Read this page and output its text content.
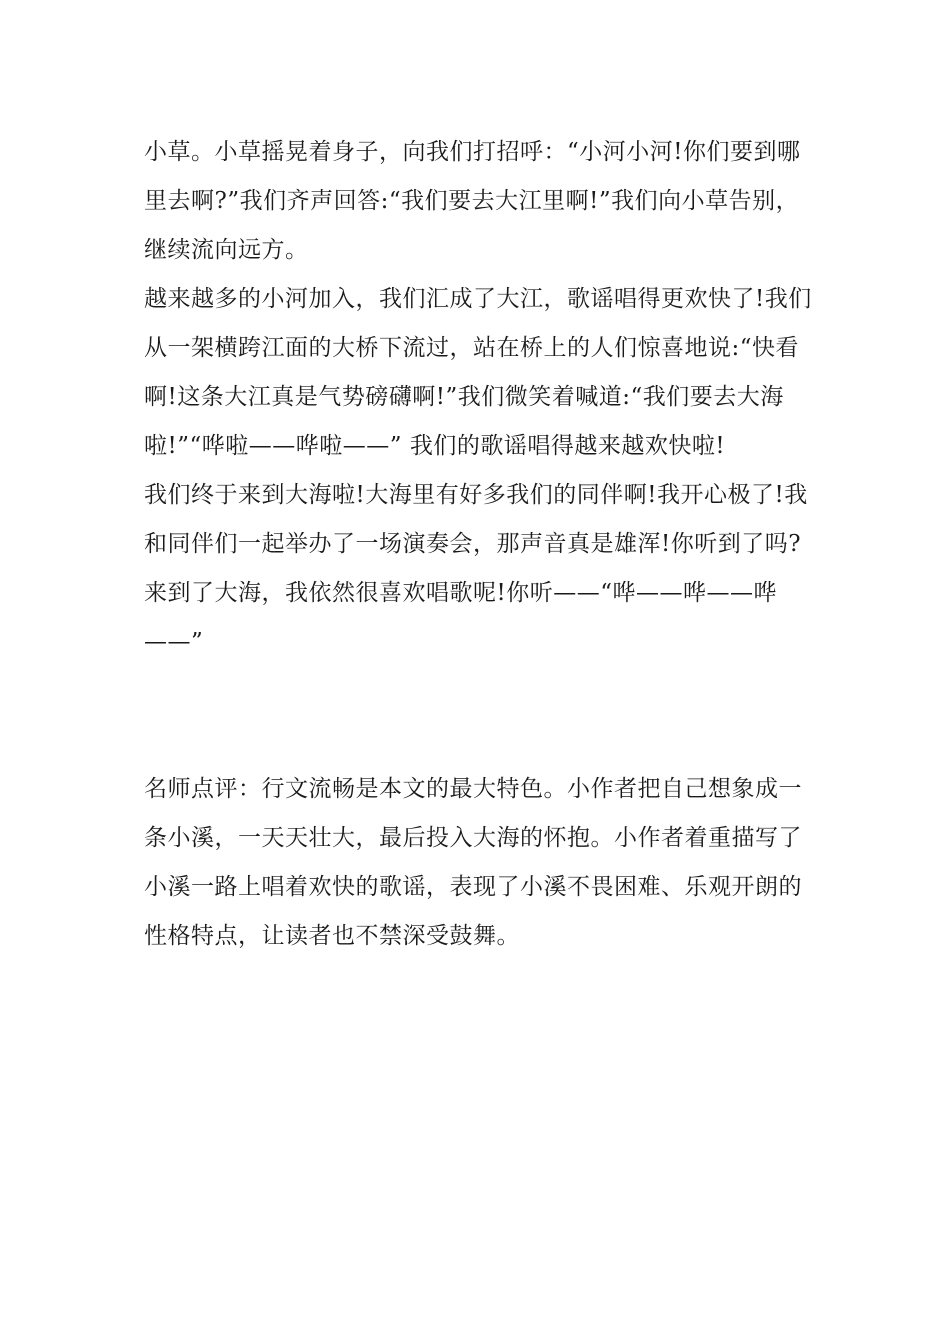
小草。小草摇晃着身子，向我们打招呼：“小河小河!你们要到哪里去啊?”我们齐声回答:“我们要去大江里啊!”我们向小草告别，继续流向远方。

越来越多的小河加入，我们汇成了大江，歌谣唱得更欢快了!我们从一架横跨江面的大桥下流过，站在桥上的人们惊喜地说:“快看啊!这条大江真是气势磅礴啊!”我们微笑着喊道:“我们要去大海啦!”“哗啦——哗啦——” 我们的歌谣唱得越来越欢快啦!

我们终于来到大海啦!大海里有好多我们的同伴啊!我开心极了!我和同伴们一起举办了一场演奏会，那声音真是雄浑!你听到了吗?

来到了大海，我依然很喜欢唱歌呢!你听——“哗——哗——哗——”

名师点评：行文流畅是本文的最大特色。小作者把自己想象成一条小溪，一天天壮大，最后投入大海的怀抱。小作者着重描写了小溪一路上唱着欢快的歌谣，表现了小溪不畏困难、乐观开朗的性格特点，让读者也不禁深受鼓舞。
